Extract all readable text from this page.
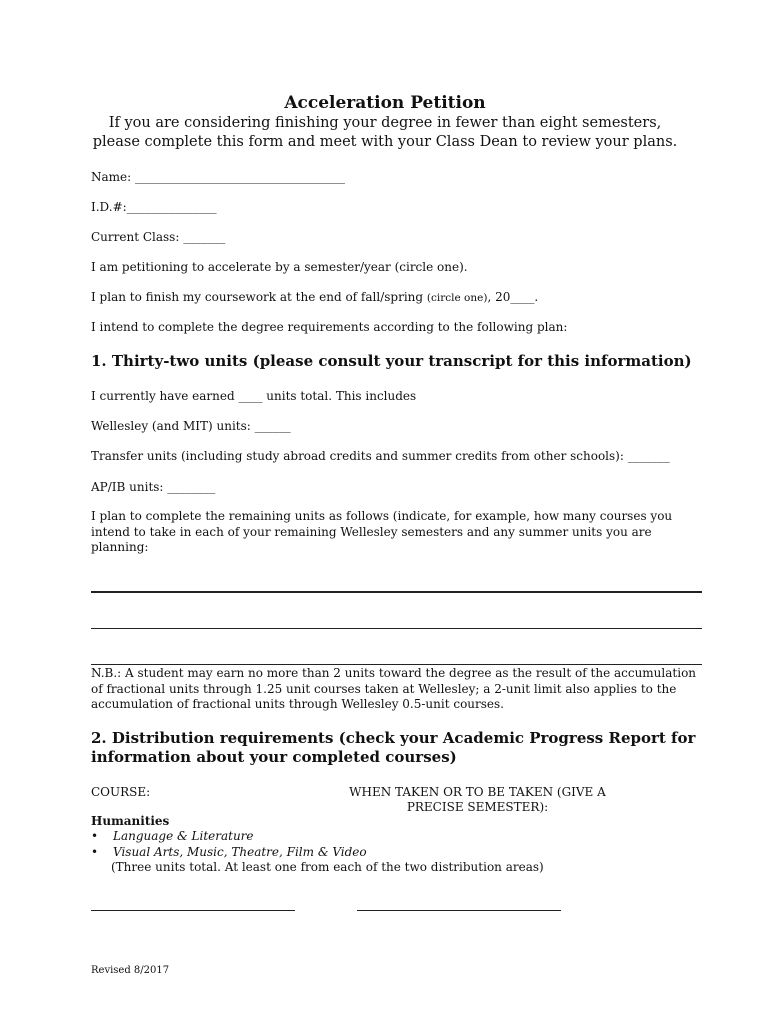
Acceleration Petition
If you are considering finishing your degree in fewer than eight semesters,
please complete this form and meet with your Class Dean to review your plans.

Name: ___________________________________

I.D.#:_______________

Current Class: _______

I am petitioning to accelerate by a semester/year (circle one).

I plan to finish my coursework at the end of fall/spring (circle one), 20____.

I intend to complete the degree requirements according to the following plan:

1. Thirty-two units (please consult your transcript for this information)

I currently have earned ____ units total. This includes

Wellesley (and MIT) units: ______

Transfer units (including study abroad credits and summer credits from other schools): _______

AP/IB units: ________

I plan to complete the remaining units as follows (indicate, for example, how many courses you intend to take in each of your remaining Wellesley semesters and any summer units you are planning:

N.B.: A student may earn no more than 2 units toward the degree as the result of the accumulation of fractional units through 1.25 unit courses taken at Wellesley; a 2-unit limit also applies to the accumulation of fractional units through Wellesley 0.5-unit courses.

2. Distribution requirements (check your Academic Progress Report for information about your completed courses)

COURSE:	WHEN TAKEN OR TO BE TAKEN (GIVE A PRECISE SEMESTER):

Humanities

• Language & Literature
• Visual Arts, Music, Theatre, Film & Video

(Three units total. At least one from each of the two distribution areas)

Revised 8/2017
